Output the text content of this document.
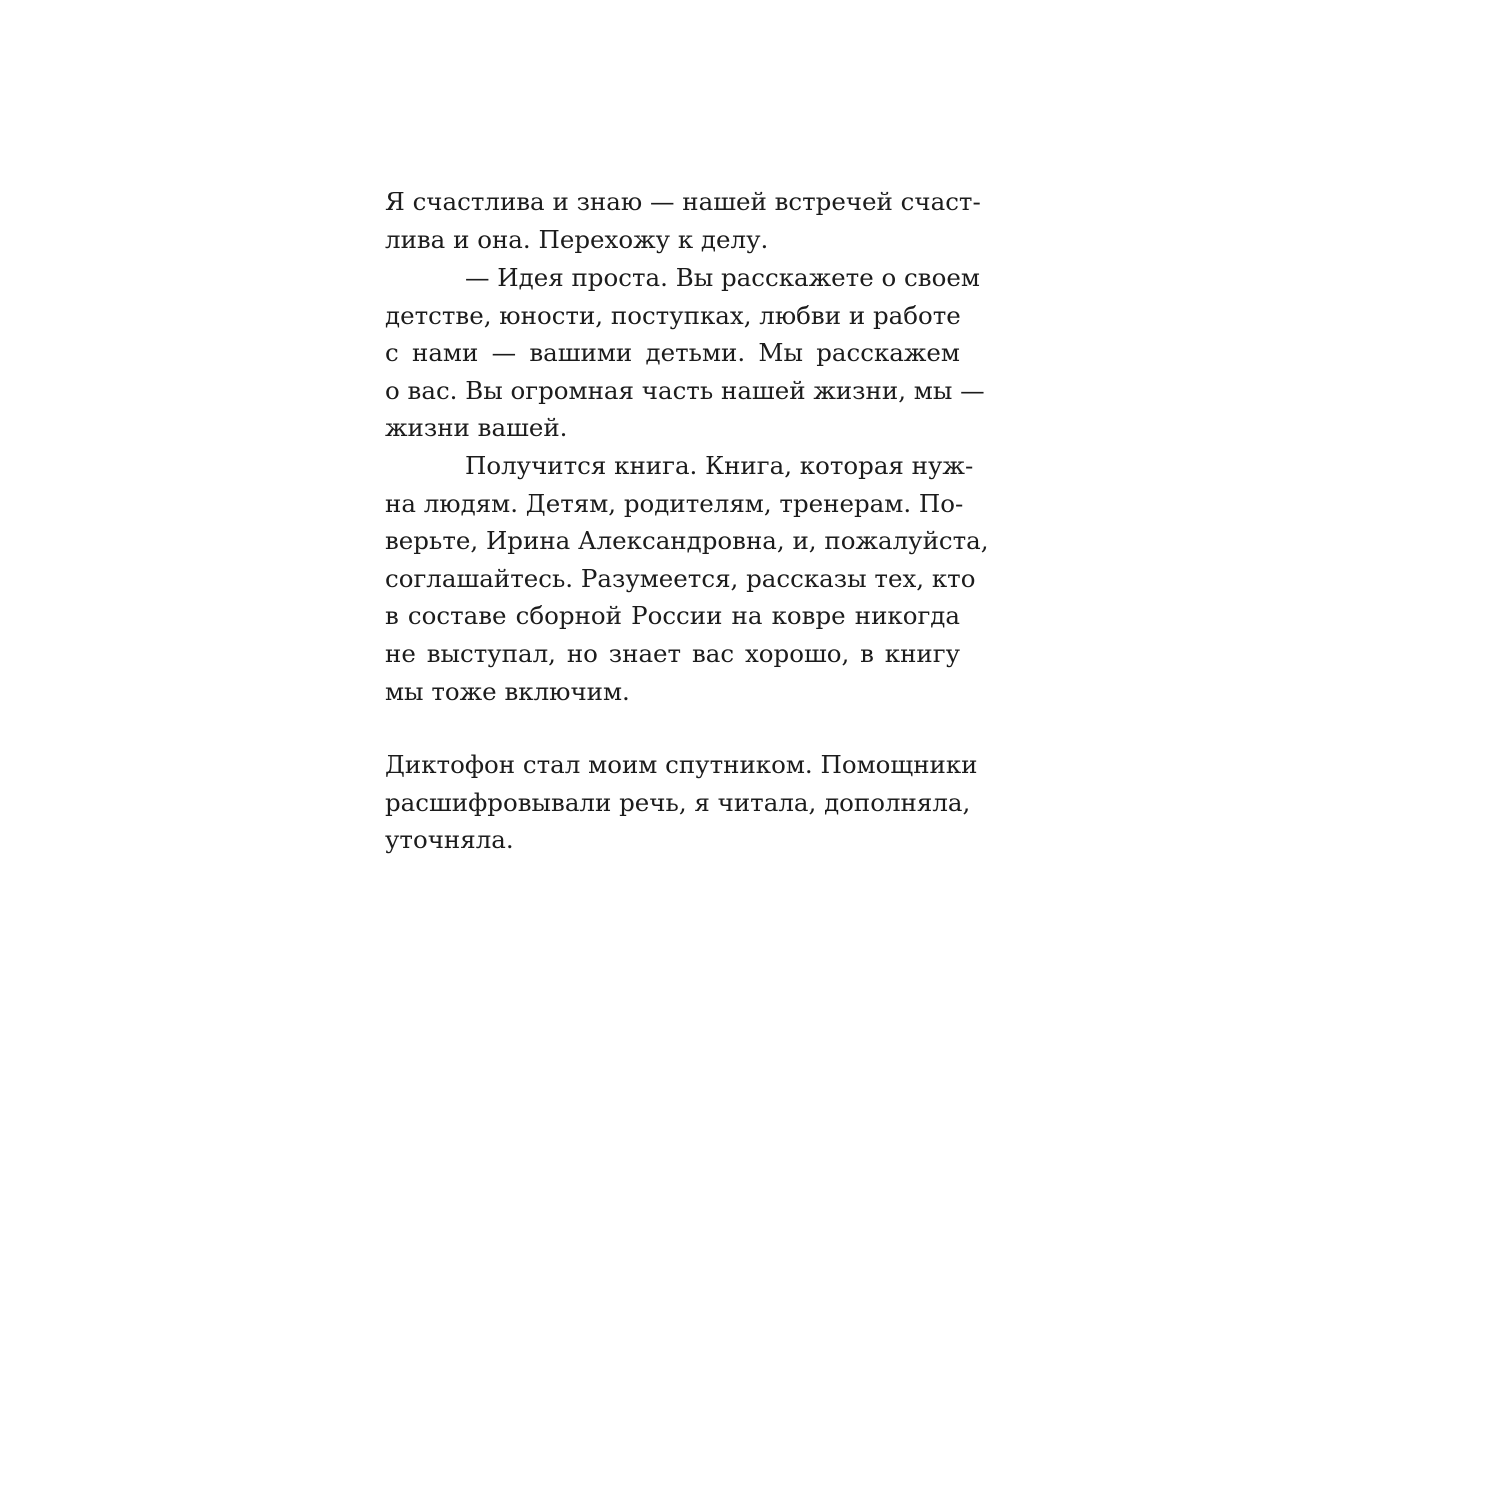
Я счастлива и знаю — нашей встречей счаст-
лива и она. Перехожу к делу.
— Идея проста. Вы расскажете о своем
детстве, юности, поступках, любви и работе
с нами — вашими детьми. Мы расскажем
о вас. Вы огромная часть нашей жизни, мы —
жизни вашей.
Получится книга. Книга, которая нуж-
на людям. Детям, родителям, тренерам. По-
верьте, Ирина Александровна, и, пожалуйста,
соглашайтесь. Разумеется, рассказы тех, кто
в составе сборной России на ковре никогда
не выступал, но знает вас хорошо, в книгу
мы тоже включим.
Диктофон стал моим спутником. Помощники
расшифровывали речь, я читала, дополняла,
уточняла.
